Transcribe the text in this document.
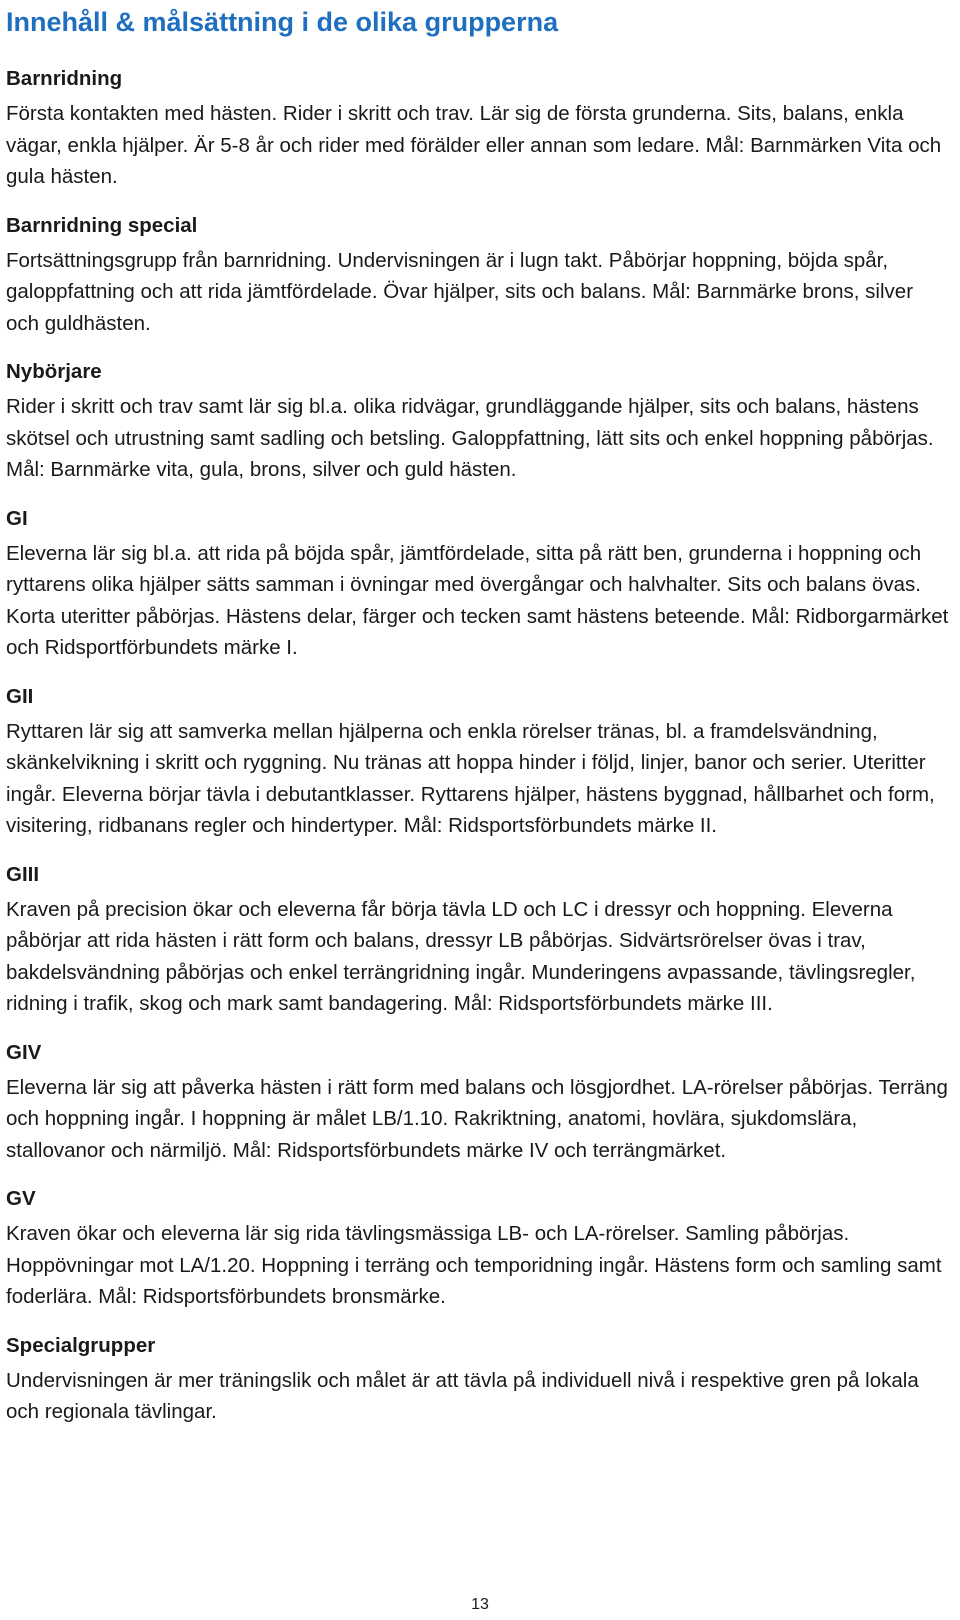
Innehåll & målsättning i de olika grupperna
Barnridning

Första kontakten med hästen. Rider i skritt och trav. Lär sig de första grunderna. Sits, balans, enkla vägar, enkla hjälper. Är 5-8 år och rider med förälder eller annan som ledare. Mål: Barnmärken Vita och gula hästen.

Barnridning special

Fortsättningsgrupp från barnridning. Undervisningen är i lugn takt. Påbörjar hoppning, böjda spår, galoppfattning och att rida jämtfördelade. Övar hjälper, sits och balans. Mål: Barnmärke brons, silver och guldhästen.

Nybörjare

Rider i skritt och trav samt lär sig bl.a. olika ridvägar, grundläggande hjälper, sits och balans, hästens skötsel och utrustning samt sadling och betsling. Galoppfattning, lätt sits och enkel hoppning påbörjas. Mål: Barnmärke vita, gula, brons, silver och guld hästen.

GI

Eleverna lär sig bl.a. att rida på böjda spår, jämtfördelade, sitta på rätt ben, grunderna i hoppning och ryttarens olika hjälper sätts samman i övningar med övergångar och halvhalter. Sits och balans övas. Korta uteritter påbörjas. Hästens delar, färger och tecken samt hästens beteende. Mål: Ridborgarmärket och Ridsportförbundets märke I.

GII

Ryttaren lär sig att samverka mellan hjälperna och enkla rörelser tränas, bl. a framdelsvändning, skänkelvikning i skritt och ryggning. Nu tränas att hoppa hinder i följd, linjer, banor och serier. Uteritter ingår. Eleverna börjar tävla i debutantklasser. Ryttarens hjälper, hästens byggnad, hållbarhet och form, visitering, ridbanans regler och hindertyper. Mål: Ridsportsförbundets märke II.

GIII

Kraven på precision ökar och eleverna får börja tävla LD och LC i dressyr och hoppning. Eleverna påbörjar att rida hästen i rätt form och balans, dressyr LB påbörjas. Sidvärtsrörelser övas i trav, bakdelsvändning påbörjas och enkel terrängridning ingår. Munderingens avpassande, tävlingsregler, ridning i trafik, skog och mark samt bandagering. Mål: Ridsportsförbundets märke III.

GIV

Eleverna lär sig att påverka hästen i rätt form med balans och lösgjordhet. LA-rörelser påbörjas. Terräng och hoppning ingår. I hoppning är målet LB/1.10. Rakriktning, anatomi, hovlära, sjukdomslära, stallovanor och närmiljö. Mål: Ridsportsförbundets märke IV och terrängmärket.

GV

Kraven ökar och eleverna lär sig rida tävlingsmässiga LB- och LA-rörelser. Samling påbörjas. Hoppövningar mot LA/1.20. Hoppning i terräng och temporidning ingår. Hästens form och samling samt foderlära. Mål: Ridsportsförbundets bronsmärke.

Specialgrupper

Undervisningen är mer träningslik och målet är att tävla på individuell nivå i respektive gren på lokala och regionala tävlingar.

13
